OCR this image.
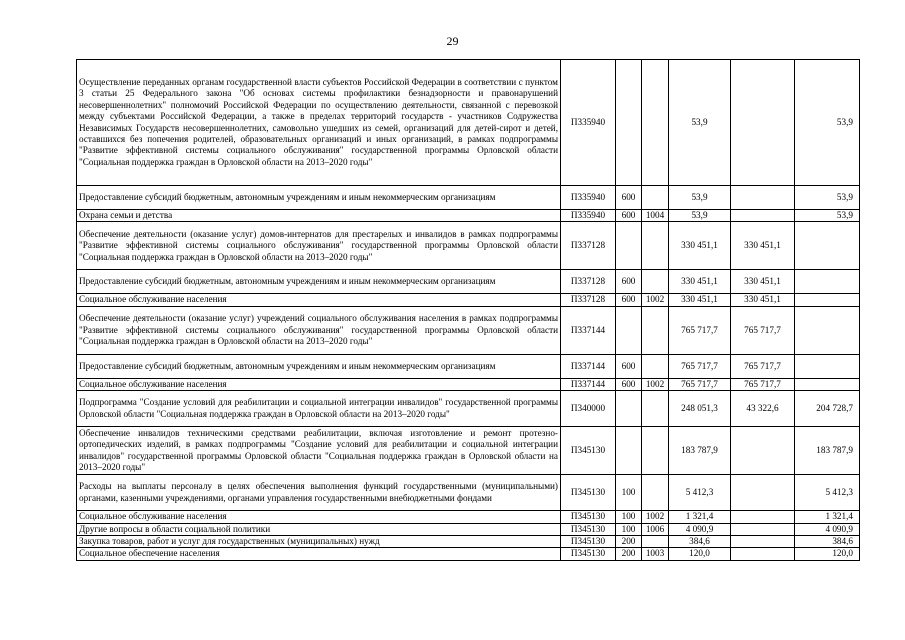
29
Осуществление переданных органам государственной власти субъектов Российской Федерации в соответствии с пунктом 3 статьи 25 Федерального закона "Об основах системы профилактики безнадзорности и правонарушений несовершеннолетних" полномочий Российской Федерации по осуществлению деятельности, связанной с перевозкой между субъектами Российской Федерации, а также в пределах территорий государств - участников Содружества Независимых Государств несовершеннолетних, самовольно ушедших из семей, организаций для детей-сирот и детей, оставшихся без попечения родителей, образовательных организаций и иных организаций, в рамках подпрограммы "Развитие эффективной системы социального обслуживания" государственной программы Орловской области "Социальная поддержка граждан в Орловской области на 2013–2020 годы"	П335940			53,9		53,9
Предоставление субсидий бюджетным, автономным учреждениям и иным некоммерческим организациям	П335940	600		53,9		53,9
Охрана семьи и детства	П335940	600	1004	53,9		53,9
Обеспечение деятельности (оказание услуг) домов-интернатов для престарелых и инвалидов в рамках подпрограммы "Развитие эффективной системы социального обслуживания" государственной программы Орловской области "Социальная поддержка граждан в Орловской области на 2013–2020 годы"	П337128			330 451,1	330 451,1	
Предоставление субсидий бюджетным, автономным учреждениям и иным некоммерческим организациям	П337128	600		330 451,1	330 451,1	
Социальное обслуживание населения	П337128	600	1002	330 451,1	330 451,1	
Обеспечение деятельности (оказание услуг) учреждений социального обслуживания населения в рамках подпрограммы "Развитие эффективной системы социального обслуживания" государственной программы Орловской области "Социальная поддержка граждан в Орловской области на 2013–2020 годы"	П337144			765 717,7	765 717,7	
Предоставление субсидий бюджетным, автономным учреждениям и иным некоммерческим организациям	П337144	600		765 717,7	765 717,7	
Социальное обслуживание населения	П337144	600	1002	765 717,7	765 717,7	
Подпрограмма "Создание условий для реабилитации и социальной интеграции инвалидов" государственной программы Орловской области "Социальная поддержка граждан в Орловской области на 2013–2020 годы"	П340000			248 051,3	43 322,6	204 728,7
Обеспечение инвалидов техническими средствами реабилитации, включая изготовление и ремонт протезно-ортопедических изделий, в рамках подпрограммы "Создание условий для реабилитации и социальной интеграции инвалидов" государственной программы Орловской области "Социальная поддержка граждан в Орловской области на 2013–2020 годы"	П345130			183 787,9		183 787,9
Расходы на выплаты персоналу в целях обеспечения выполнения функций государственными (муниципальными) органами, казенными учреждениями, органами управления государственными внебюджетными фондами	П345130	100		5 412,3		5 412,3
Социальное обслуживание населения	П345130	100	1002	1 321,4		1 321,4
Другие вопросы в области социальной политики	П345130	100	1006	4 090,9		4 090,9
Закупка товаров, работ и услуг для государственных (муниципальных) нужд	П345130	200		384,6		384,6
Социальное обеспечение населения	П345130	200	1003	120,0		120,0
